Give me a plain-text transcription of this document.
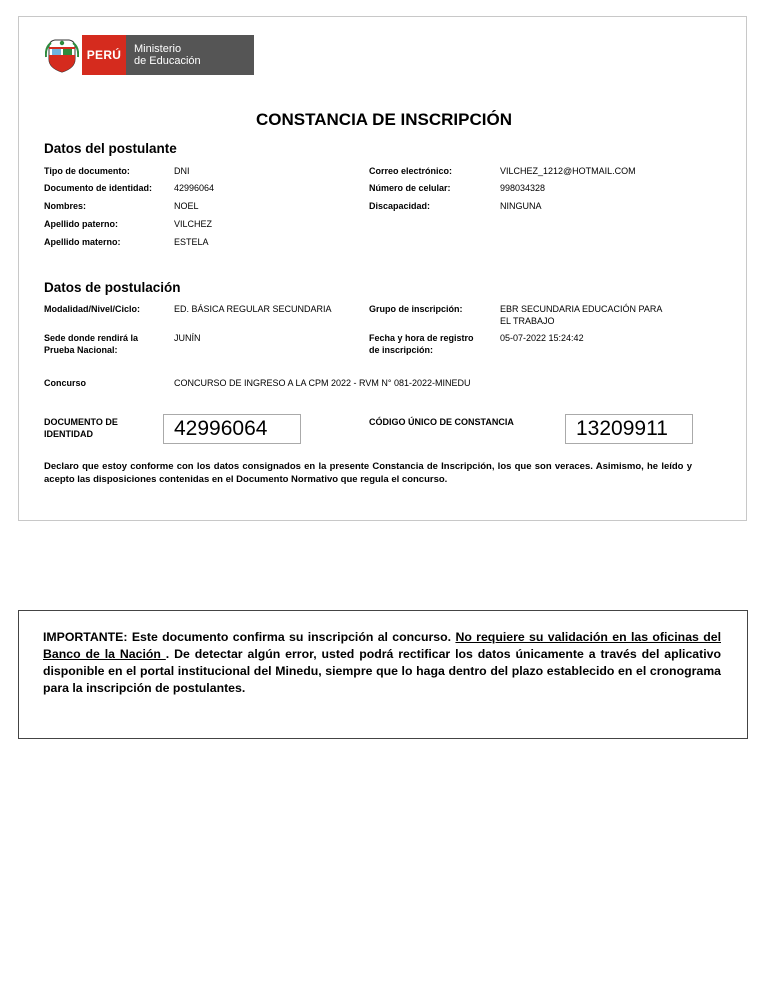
PERÚ	Ministerio
de Educación
CONSTANCIA DE INSCRIPCIÓN
Datos del postulante
Tipo de documento:	DNI	Correo electrónico:	VILCHEZ_1212@HOTMAIL.COM
Documento de identidad: 42996064	Número de celular:	998034328
Nombres:	NOEL	Discapacidad:	NINGUNA
Apellido paterno:	VILCHEZ
Apellido materno:	ESTELA
Datos de postulación
Modalidad/Nivel/Ciclo:	ED. BÁSICA REGULAR SECUNDARIA	Grupo de inscripción:	EBR SECUNDARIA EDUCACIÓN PARA
EL TRABAJO
Sede donde rendirá la
Prueba Nacional:
JUNÍN	Fecha y hora de registro
de inscripción:
05-07-2022 15:24:42
Concurso	CONCURSO DE INGRESO A LA CPM 2022 - RVM N° 081-2022-MINEDU
DOCUMENTO DE
IDENTIDAD	42996064	CÓDIGO ÚNICO DE CONSTANCIA	13209911

Declaro que estoy conforme con los datos consignados en la presente Constancia de Inscripción, los que son veraces. Asimismo, he leído y acepto las disposiciones contenidas en el Documento Normativo que regula el concurso.

IMPORTANTE: Este documento confirma su inscripción al concurso. No requiere su validación en las oficinas del Banco de la Nación . De detectar algún error, usted podrá rectificar los datos únicamente a través del aplicativo disponible en el portal institucional del Minedu, siempre que lo haga dentro del plazo establecido en el cronograma para la inscripción de postulantes.
